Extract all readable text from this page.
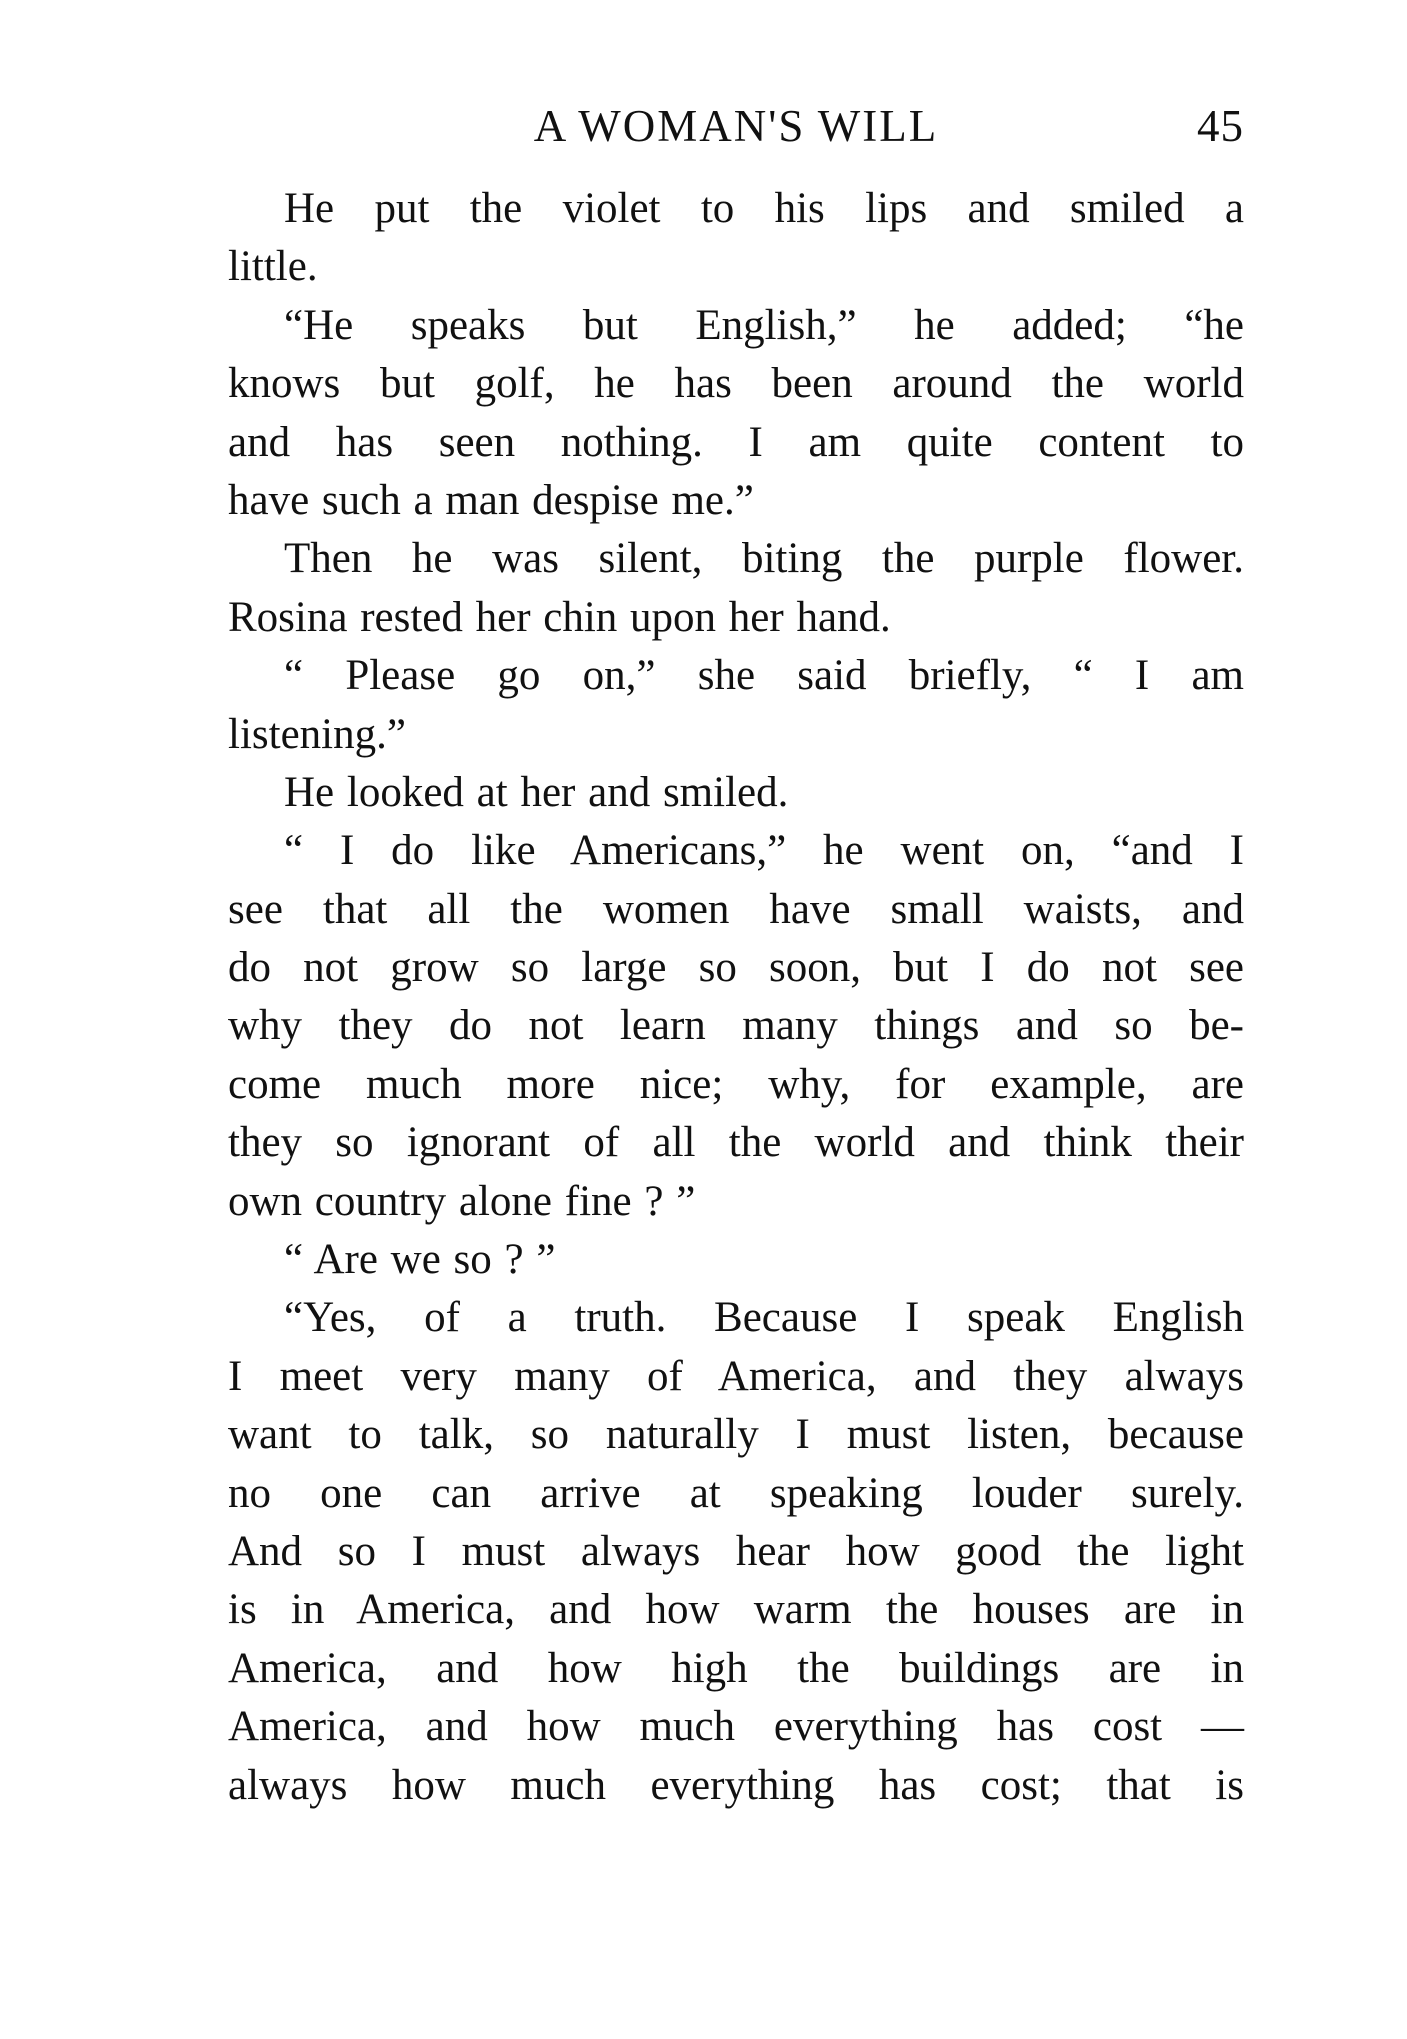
A WOMAN'S WILL	45
He put the violet to his lips and smiled a
little.
“He speaks but English,” he added; “he
knows but golf, he has been around the world
and has seen nothing. I am quite content to
have such a man despise me.”
Then he was silent, biting the purple flower.
Rosina rested her chin upon her hand.
“ Please go on,” she said briefly, “ I am
listening.”
He looked at her and smiled.
“ I do like Americans,” he went on, “and I
see that all the women have small waists, and
do not grow so large so soon, but I do not see
why they do not learn many things and so be-
come much more nice; why, for example, are
they so ignorant of all the world and think their
own country alone fine ? ”
“ Are we so ? ”
“Yes, of a truth. Because I speak English
I meet very many of America, and they always
want to talk, so naturally I must listen, because
no one can arrive at speaking louder surely.
And so I must always hear how good the light
is in America, and how warm the houses are in
America, and how high the buildings are in
America, and how much everything has cost —
always how much everything has cost; that is
